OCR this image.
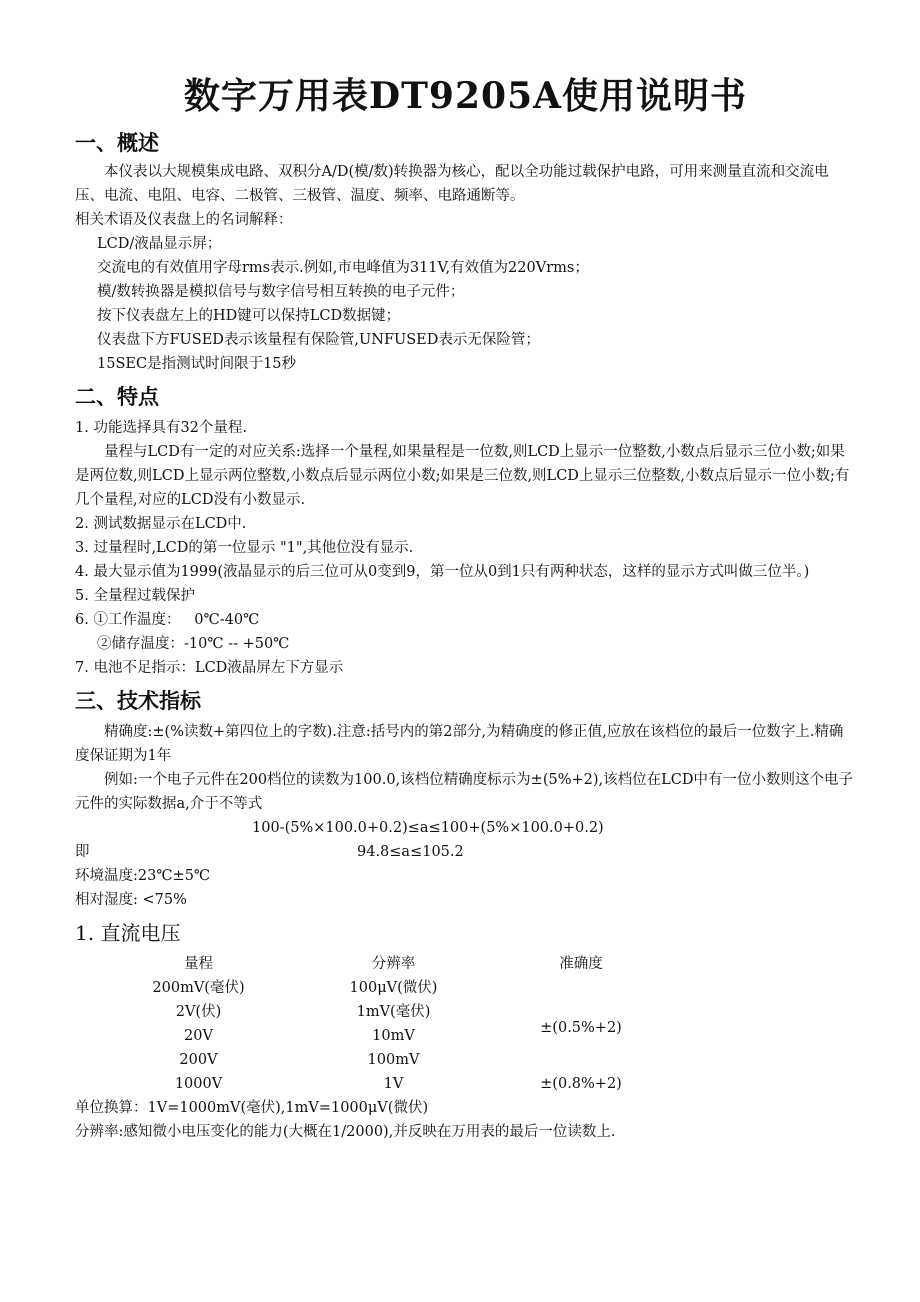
数字万用表DT9205A使用说明书
一、概述

本仪表以大规模集成电路、双积分A/D(模/数)转换器为核心，配以全功能过载保护电路，可用来测量直流和交流电压、电流、电阻、电容、二极管、三极管、温度、频率、电路通断等。

相关术语及仪表盘上的名词解释：

LCD/液晶显示屏；

交流电的有效值用字母rms表示.例如,市电峰值为311V,有效值为220Vrms；

模/数转换器是模拟信号与数字信号相互转换的电子元件；

按下仪表盘左上的HD键可以保持LCD数据键；

仪表盘下方FUSED表示该量程有保险管,UNFUSED表示无保险管；

15SEC是指测试时间限于15秒

二、特点

1. 功能选择具有32个量程.

量程与LCD有一定的对应关系:选择一个量程,如果量程是一位数,则LCD上显示一位整数,小数点后显示三位小数;如果是两位数,则LCD上显示两位整数,小数点后显示两位小数;如果是三位数,则LCD上显示三位整数,小数点后显示一位小数;有几个量程,对应的LCD没有小数显示.

2. 测试数据显示在LCD中.

3. 过量程时,LCD的第一位显示 "1",其他位没有显示.

4. 最大显示值为1999(液晶显示的后三位可从0变到9，第一位从0到1只有两种状态，这样的显示方式叫做三位半。)

5. 全量程过载保护

6. ①工作温度：   0℃-40℃

②储存温度：-10℃ -- +50℃

7. 电池不足指示：LCD液晶屏左下方显示

三、技术指标

精确度:±(%读数+第四位上的字数).注意:括号内的第2部分,为精确度的修正值,应放在该档位的最后一位数字上.精确度保证期为1年

例如:一个电子元件在200档位的读数为100.0,该档位精确度标示为±(5%+2),该档位在LCD中有一位小数则这个电子元件的实际数据a,介于不等式

100-(5%×100.0+0.2)≤a≤100+(5%×100.0+0.2)
即	94.8≤a≤105.2

环境温度:23℃±5℃

相对湿度: <75%

1. 直流电压
量程	分辨率	准确度
200mV(毫伏)	100μV(微伏)	±(0.5%+2)
2V(伏)	1mV(毫伏)	
20V	10mV	
200V	100mV	
1000V	1V	±(0.8%+2)

单位换算：1V=1000mV(毫伏),1mV=1000μV(微伏)

分辨率:感知微小电压变化的能力(大概在1/2000),并反映在万用表的最后一位读数上.
